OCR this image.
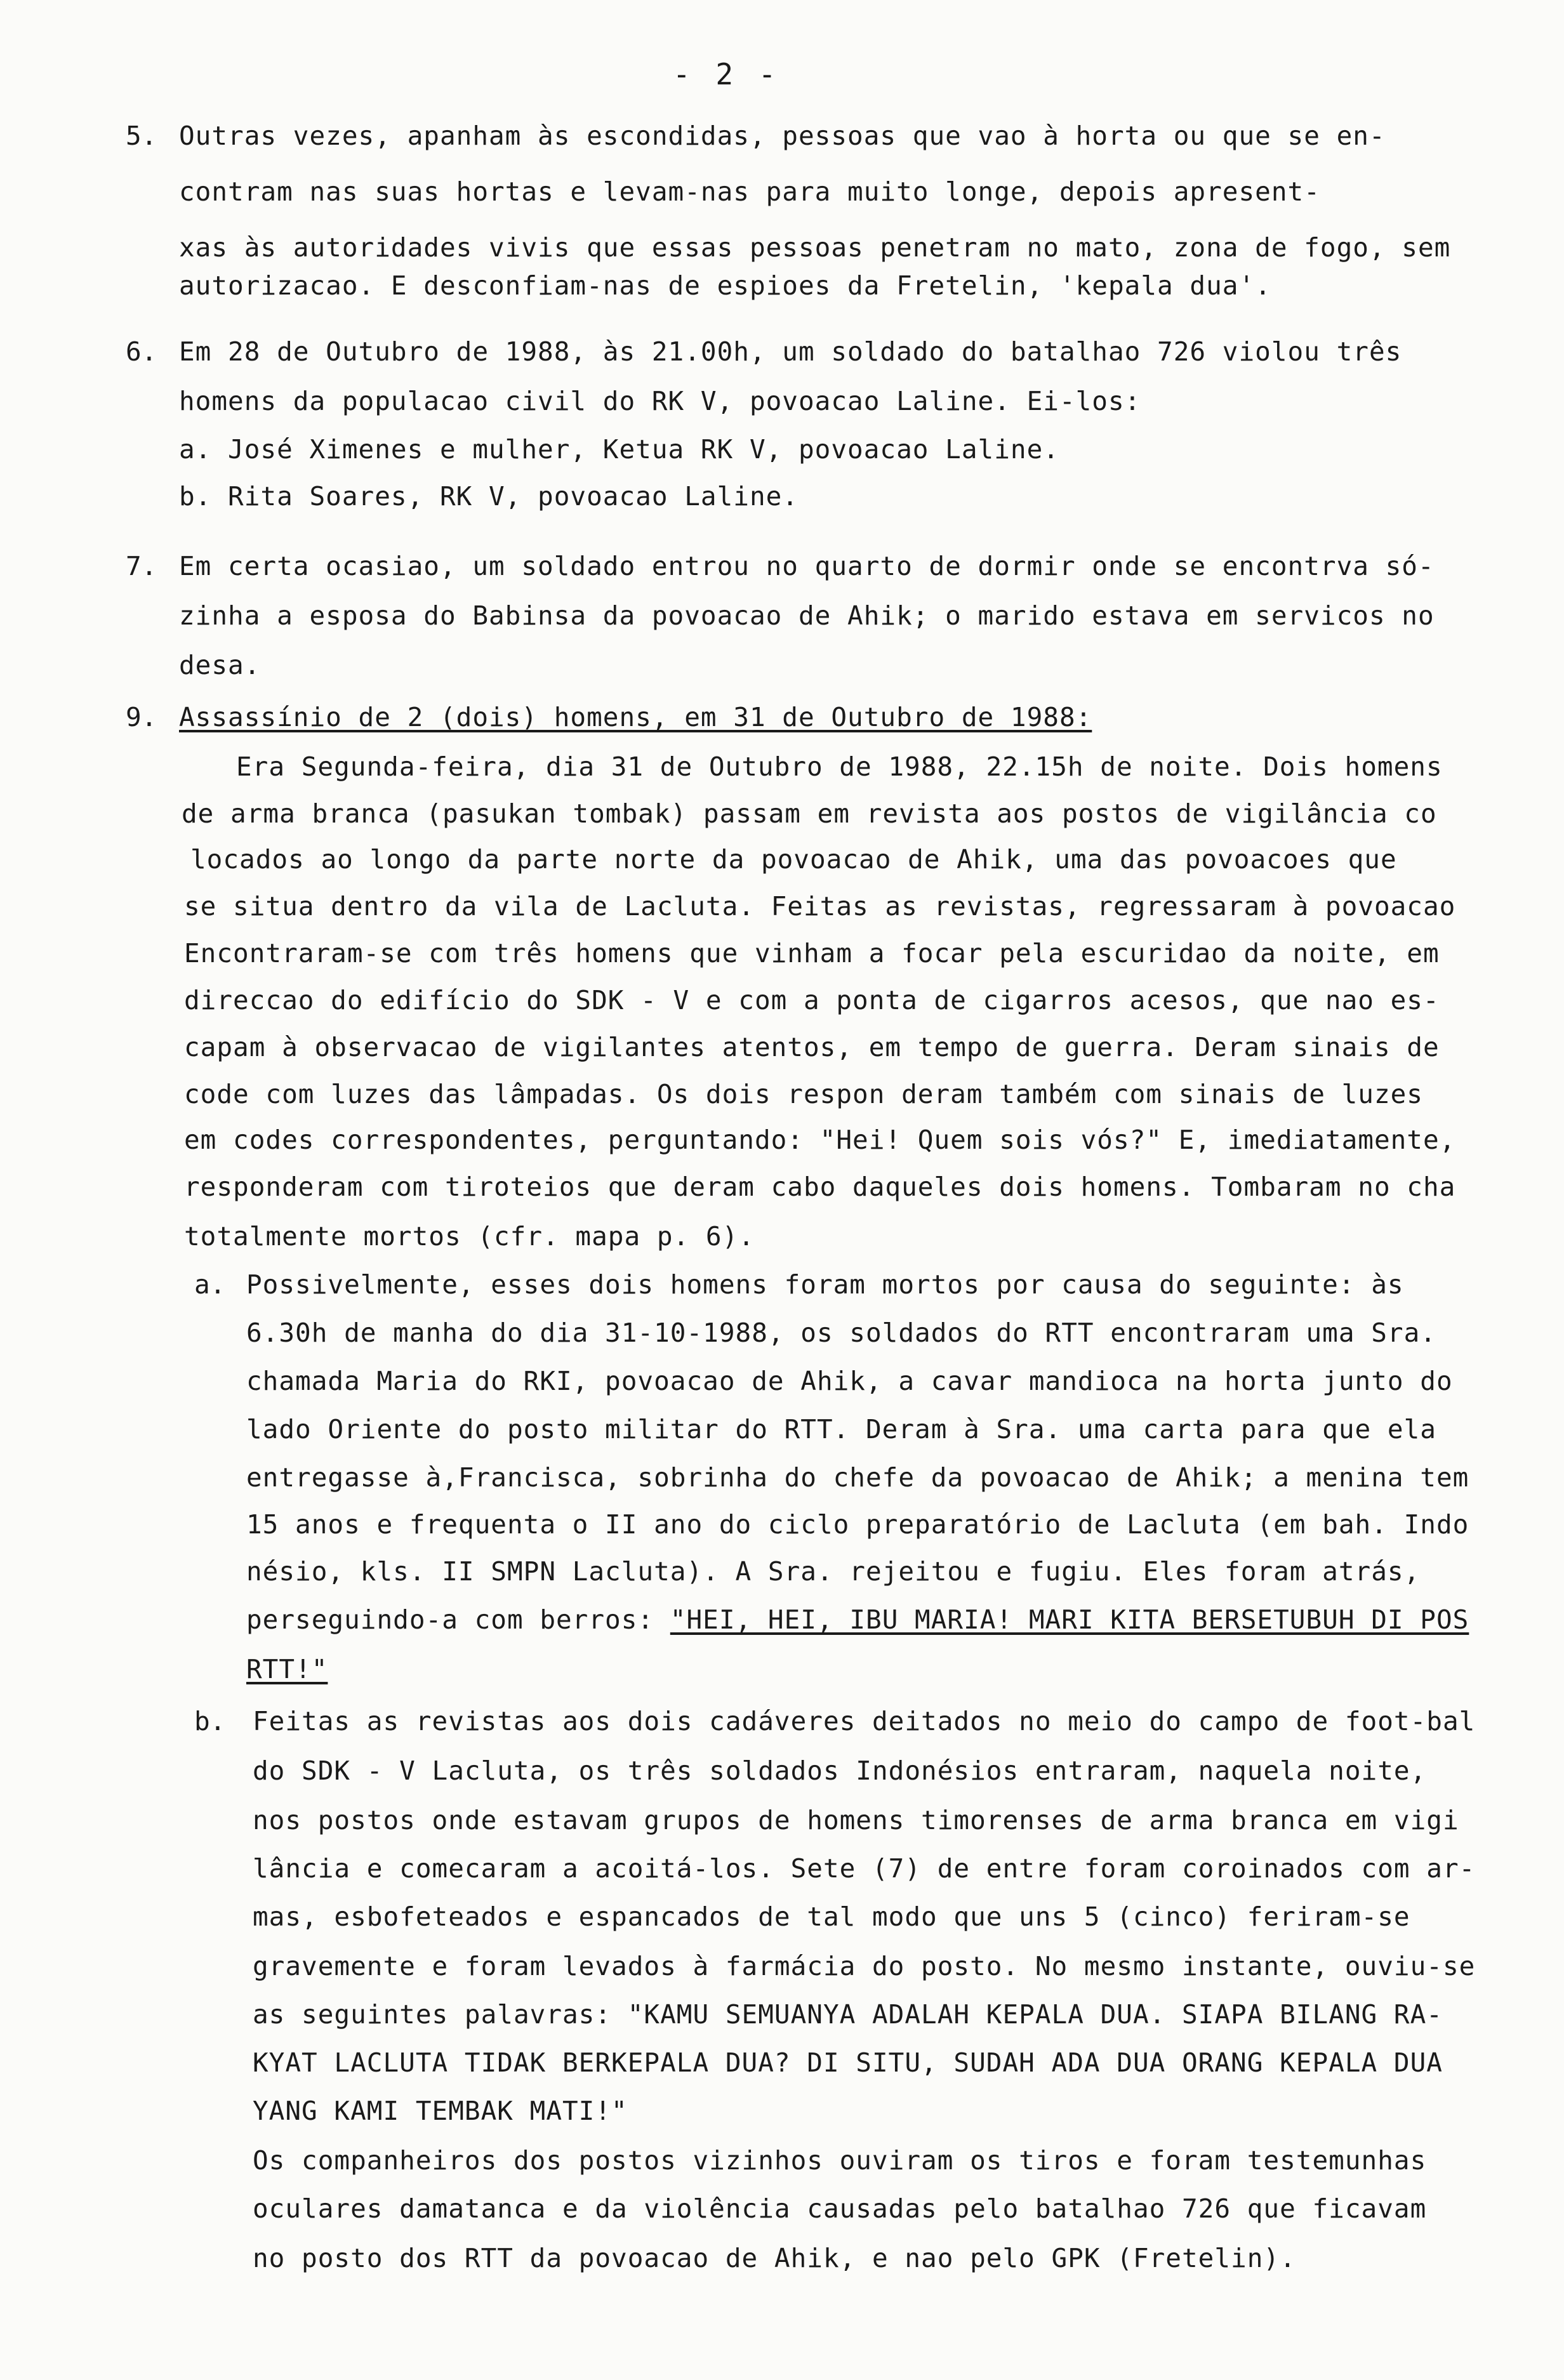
- 2 -
5. Outras vezes, apanham às escondidas, pessoas que vao à horta ou que se en-
contram nas suas hortas e levam-nas para muito longe, depois apresent-
xas às autoridades vivis que essas pessoas penetram no mato, zona de fogo, sem
autorizacao. E desconfiam-nas de espioes da Fretelin, 'kepala dua'.
6. Em 28 de Outubro de 1988, às 21.00h, um soldado do batalhao 726 violou três
homens da populacao civil do RK V, povoacao Laline. Ei-los:
a. José Ximenes e mulher, Ketua RK V, povoacao Laline.
b. Rita Soares, RK V, povoacao Laline.
7. Em certa ocasiao, um soldado entrou no quarto de dormir onde se encontrva só-
zinha a esposa do Babinsa da povoacao de Ahik; o marido estava em servicos no
desa.
9. Assassínio de 2 (dois) homens, em 31 de Outubro de 1988:
Era Segunda-feira, dia 31 de Outubro de 1988, 22.15h de noite. Dois homens
de arma branca (pasukan tombak) passam em revista aos postos de vigilância co
locados ao longo da parte norte da povoacao de Ahik, uma das povoacoes que
se situa dentro da vila de Lacluta. Feitas as revistas, regressaram à povoacao
Encontraram-se com três homens que vinham a focar pela escuridao da noite, em
direccao do edifício do SDK - V e com a ponta de cigarros acesos, que nao es-
capam à observacao de vigilantes atentos, em tempo de guerra. Deram sinais de
code com luzes das lâmpadas. Os dois respon deram também com sinais de luzes
em codes correspondentes, perguntando: "Hei! Quem sois vós?" E, imediatamente,
responderam com tiroteios que deram cabo daqueles dois homens. Tombaram no cha
totalmente mortos (cfr. mapa p. 6).
a. Possivelmente, esses dois homens foram mortos por causa do seguinte: às
6.30h de manha do dia 31-10-1988, os soldados do RTT encontraram uma Sra.
chamada Maria do RKI, povoacao de Ahik, a cavar mandioca na horta junto do
lado Oriente do posto militar do RTT. Deram à Sra. uma carta para que ela
entregasse à,Francisca, sobrinha do chefe da povoacao de Ahik; a menina tem
15 anos e frequenta o II ano do ciclo preparatório de Lacluta (em bah. Indo
nésio, kls. II SMPN Lacluta). A Sra. rejeitou e fugiu. Eles foram atrás,
perseguindo-a com berros: "HEI, HEI, IBU MARIA! MARI KITA BERSETUBUH DI POS
RTT!"
b. Feitas as revistas aos dois cadáveres deitados no meio do campo de foot-bal
do SDK - V Lacluta, os três soldados Indonésios entraram, naquela noite,
nos postos onde estavam grupos de homens timorenses de arma branca em vigi
lância e comecaram a acoitá-los. Sete (7) de entre foram coroinados com ar-
mas, esbofeteados e espancados de tal modo que uns 5 (cinco) feriram-se
gravemente e foram levados à farmácia do posto. No mesmo instante, ouviu-se
as seguintes palavras: "KAMU SEMUANYA ADALAH KEPALA DUA. SIAPA BILANG RA-
KYAT LACLUTA TIDAK BERKEPALA DUA? DI SITU, SUDAH ADA DUA ORANG KEPALA DUA
YANG KAMI TEMBAK MATI!"
Os companheiros dos postos vizinhos ouviram os tiros e foram testemunhas
oculares damatanca e da violência causadas pelo batalhao 726 que ficavam
no posto dos RTT da povoacao de Ahik, e nao pelo GPK (Fretelin).
